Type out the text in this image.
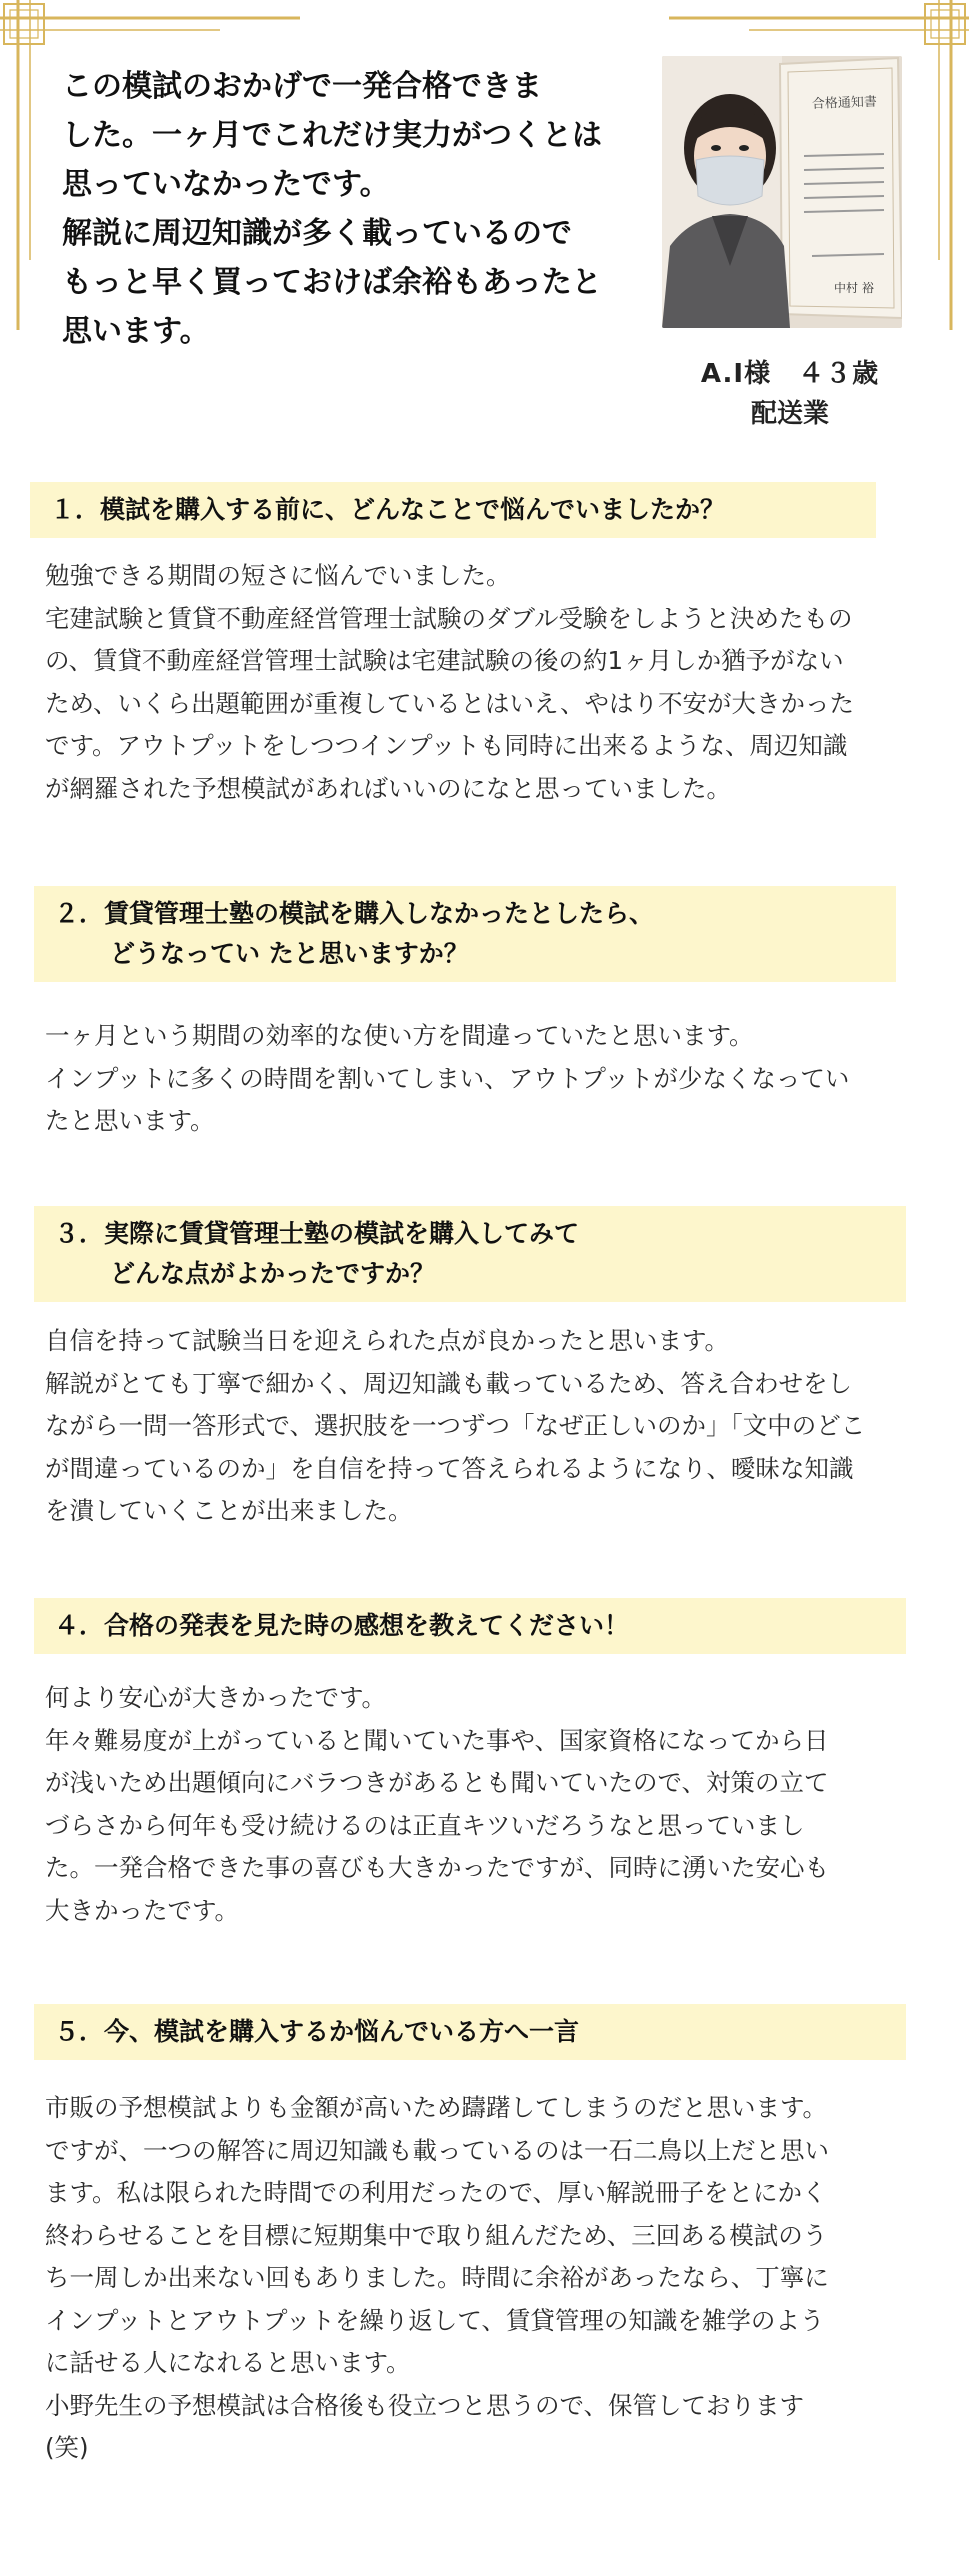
この模試のおかげで一発合格できま
した。一ヶ月でこれだけ実力がつくとは
思っていなかったです。
解説に周辺知識が多く載っているので
もっと早く買っておけば余裕もあったと
思います。
合格通知書
中村 裕
A.I様　４３歳
配送業
１．模試を購入する前に、どんなことで悩んでいましたか？

勉強できる期間の短さに悩んでいました。

宅建試験と賃貸不動産経営管理士試験のダブル受験をしようと決めたもの

の、賃貸不動産経営管理士試験は宅建試験の後の約1ヶ月しか猶予がない

ため、いくら出題範囲が重複しているとはいえ、やはり不安が大きかった

です。アウトプットをしつつインプットも同時に出来るような、周辺知識

が網羅された予想模試があればいいのになと思っていました。

２．賃貸管理士塾の模試を購入しなかったとしたら、
どうなってい たと思いますか？

一ヶ月という期間の効率的な使い方を間違っていたと思います。

インプットに多くの時間を割いてしまい、アウトプットが少なくなってい

たと思います。

３．実際に賃貸管理士塾の模試を購入してみて
どんな点がよかったですか？

自信を持って試験当日を迎えられた点が良かったと思います。

解説がとても丁寧で細かく、周辺知識も載っているため、答え合わせをし

ながら一問一答形式で、選択肢を一つずつ「なぜ正しいのか」「文中のどこ

が間違っているのか」を自信を持って答えられるようになり、曖昧な知識

を潰していくことが出来ました。

４．合格の発表を見た時の感想を教えてください！

何より安心が大きかったです。

年々難易度が上がっていると聞いていた事や、国家資格になってから日

が浅いため出題傾向にバラつきがあるとも聞いていたので、対策の立て

づらさから何年も受け続けるのは正直キツいだろうなと思っていまし

た。一発合格できた事の喜びも大きかったですが、同時に湧いた安心も

大きかったです。

５．今、模試を購入するか悩んでいる方へ一言

市販の予想模試よりも金額が高いため躊躇してしまうのだと思います。

ですが、一つの解答に周辺知識も載っているのは一石二鳥以上だと思い

ます。私は限られた時間での利用だったので、厚い解説冊子をとにかく

終わらせることを目標に短期集中で取り組んだため、三回ある模試のう

ち一周しか出来ない回もありました。時間に余裕があったなら、丁寧に

インプットとアウトプットを繰り返して、賃貸管理の知識を雑学のよう

に話せる人になれると思います。

小野先生の予想模試は合格後も役立つと思うので、保管しております

(笑)
